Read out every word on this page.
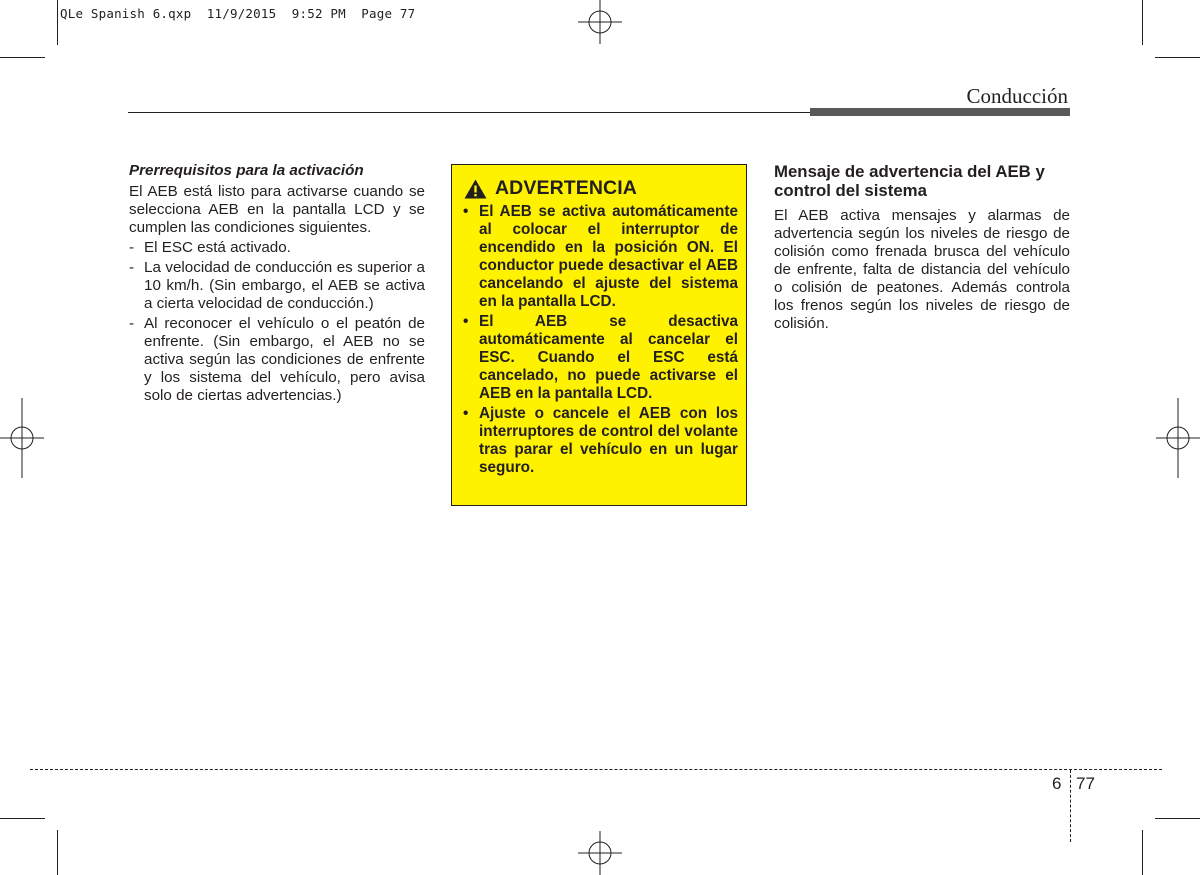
QLe Spanish 6.qxp  11/9/2015  9:52 PM  Page 77
Conducción
Prerrequisitos para la activación
El AEB está listo para activarse cuando se selecciona AEB en la pantalla LCD y se cumplen las condiciones siguientes.
- El ESC está activado.
- La velocidad de conducción es superior a 10 km/h. (Sin embargo, el AEB se activa a cierta velocidad de conducción.)
- Al reconocer el vehículo o el peatón de enfrente. (Sin embargo, el AEB no se activa según las condiciones de enfrente y los sistema del vehículo, pero avisa solo de ciertas advertencias.)
ADVERTENCIA
• El AEB se activa automáticamente al colocar el interruptor de encendido en la posición ON. El conductor puede desactivar el AEB cancelando el ajuste del sistema en la pantalla LCD.
• El AEB se desactiva automáticamente al cancelar el ESC. Cuando el ESC está cancelado, no puede activarse el AEB en la pantalla LCD.
• Ajuste o cancele el AEB con los interruptores de control del volante tras parar el vehículo en un lugar seguro.
Mensaje de advertencia del AEB y control del sistema
El AEB activa mensajes y alarmas de advertencia según los niveles de riesgo de colisión como frenada brusca del vehículo de enfrente, falta de distancia del vehículo o colisión de peatones. Además controla los frenos según los niveles de riesgo de colisión.
6 77
